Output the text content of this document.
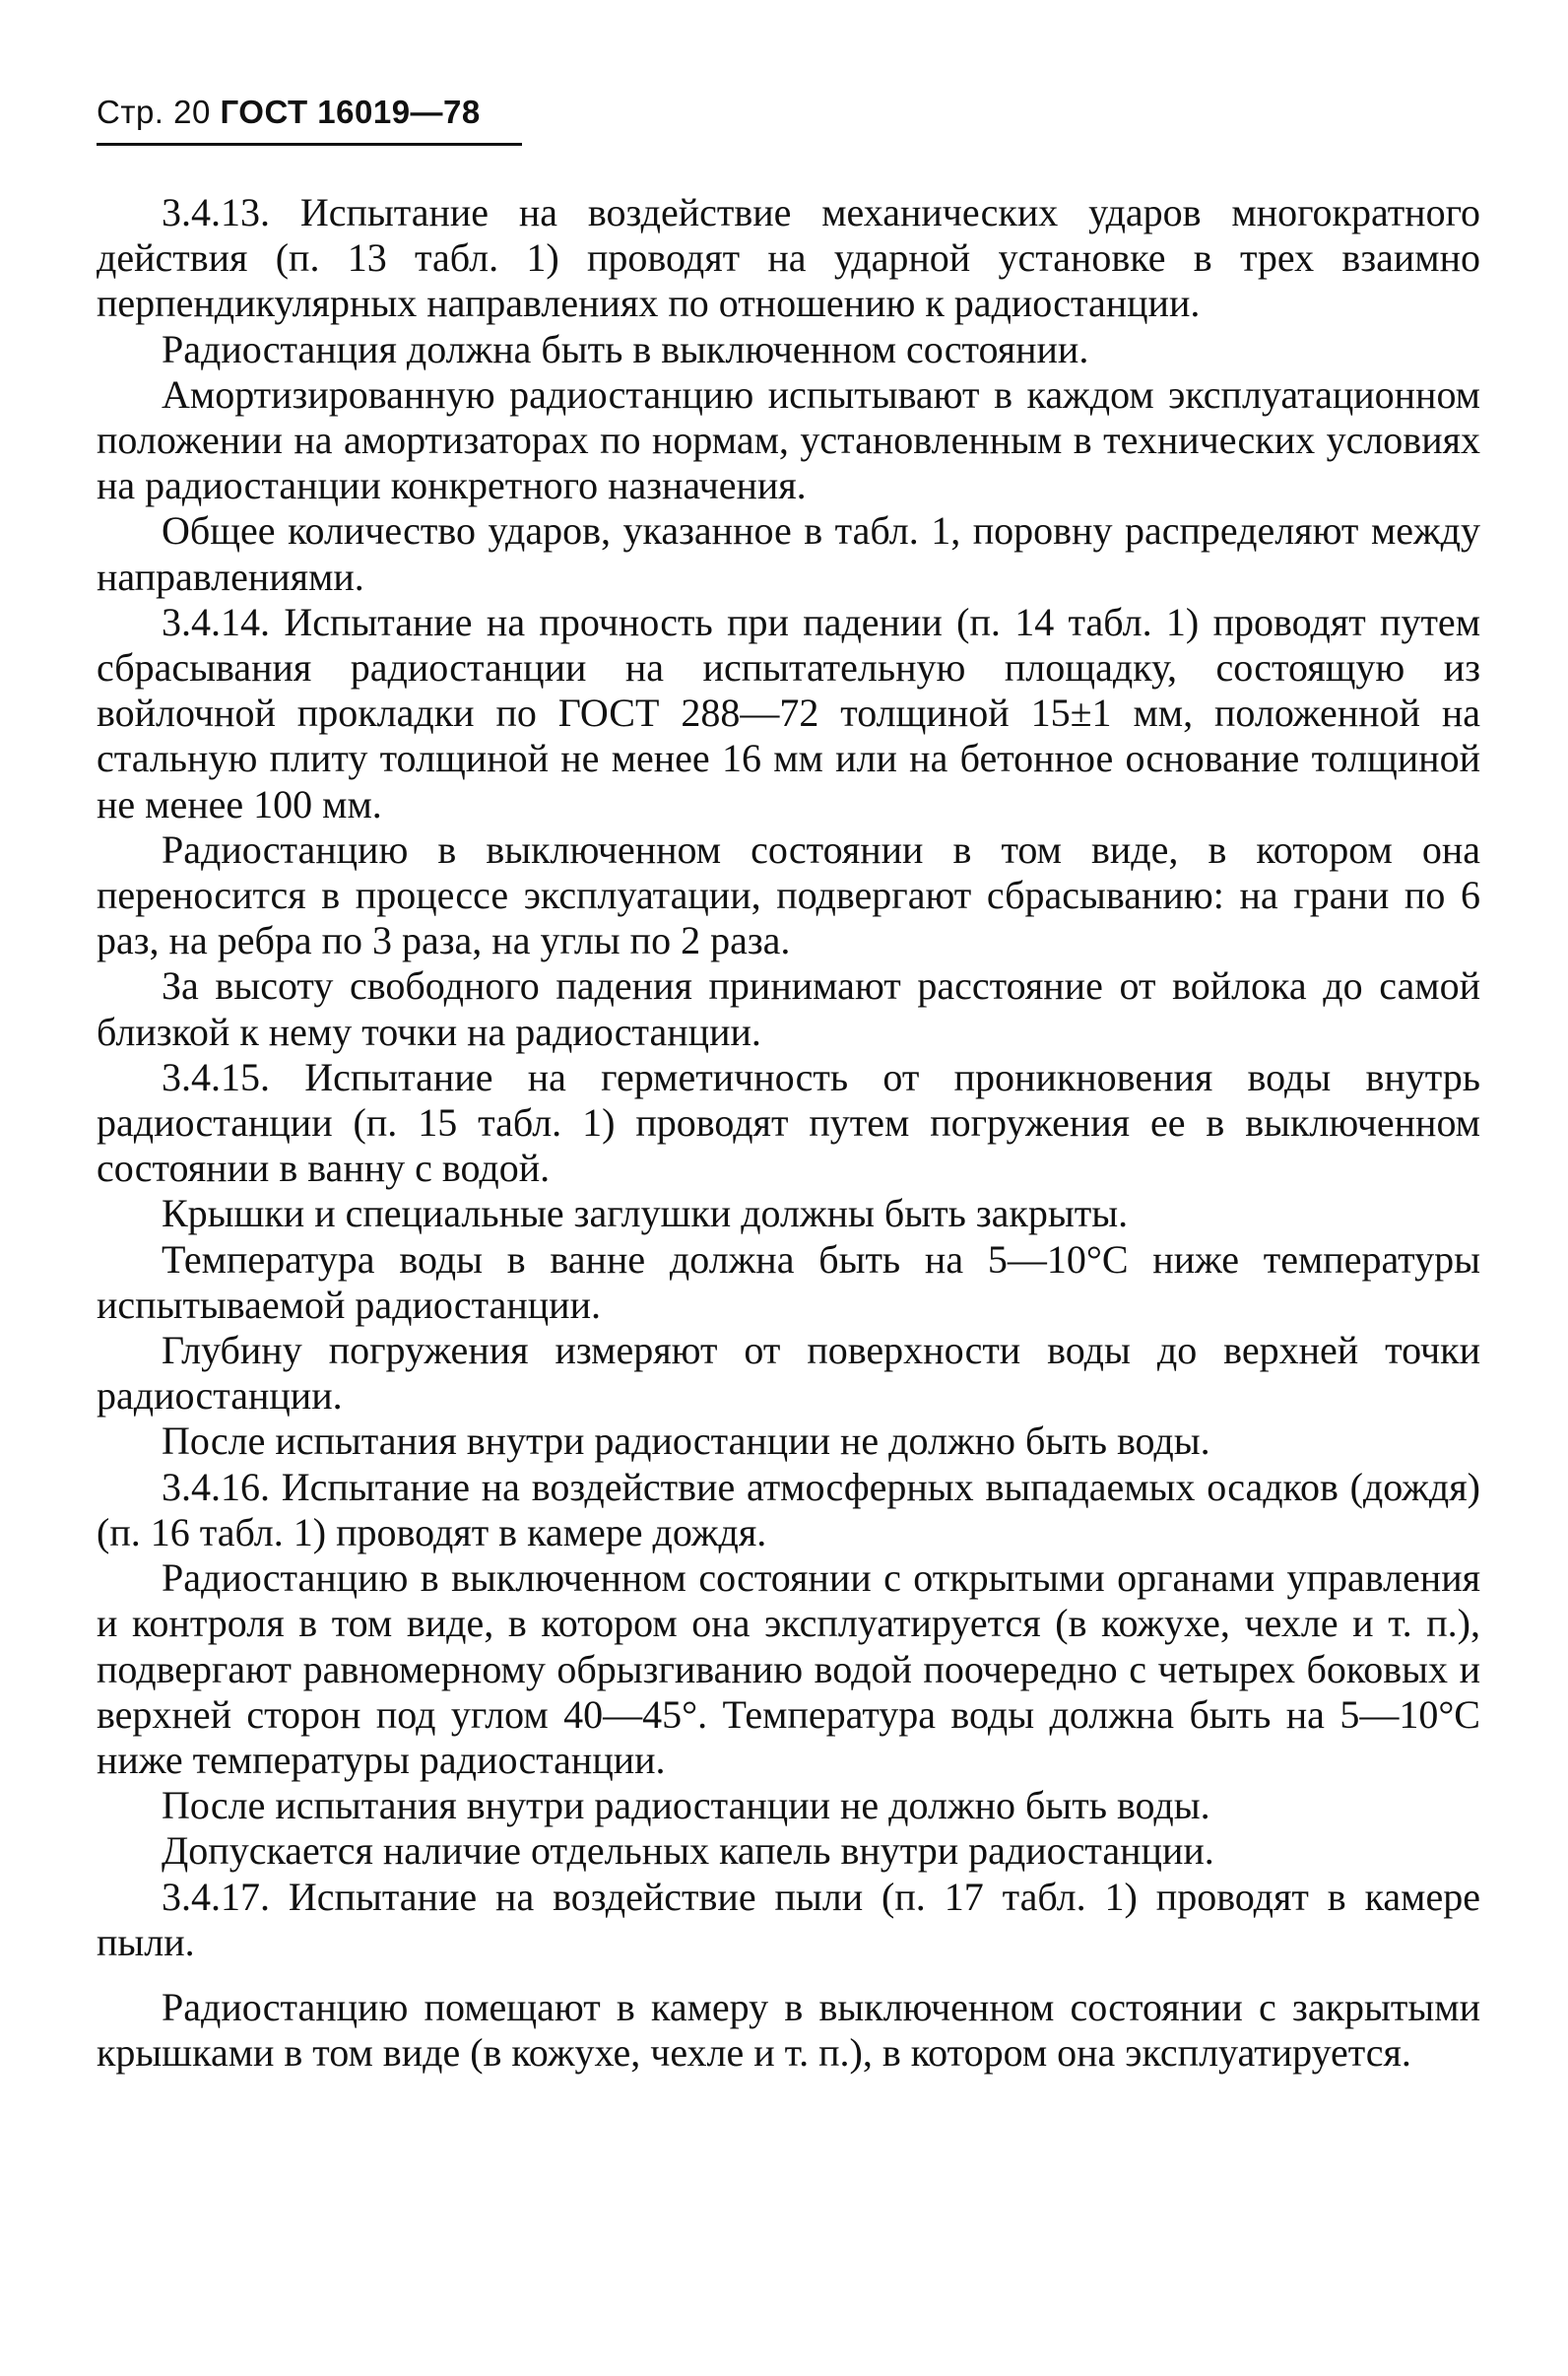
Стр. 20 ГОСТ 16019—78

3.4.13. Испытание на воздействие механических ударов многократного действия (п. 13 табл. 1) проводят на ударной установке в трех взаимно перпендикулярных направлениях по отношению к радиостанции.

Радиостанция должна быть в выключенном состоянии.

Амортизированную радиостанцию испытывают в каждом эксплуатационном положении на амортизаторах по нормам, установленным в технических условиях на радиостанции конкретного назначения.

Общее количество ударов, указанное в табл. 1, поровну распределяют между направлениями.

3.4.14. Испытание на прочность при падении (п. 14 табл. 1) проводят путем сбрасывания радиостанции на испытательную площадку, состоящую из войлочной прокладки по ГОСТ 288—72 толщиной 15±1 мм, положенной на стальную плиту толщиной не менее 16 мм или на бетонное основание толщиной не менее 100 мм.

Радиостанцию в выключенном состоянии в том виде, в котором она переносится в процессе эксплуатации, подвергают сбрасыванию: на грани по 6 раз, на ребра по 3 раза, на углы по 2 раза.

За высоту свободного падения принимают расстояние от войлока до самой близкой к нему точки на радиостанции.

3.4.15. Испытание на герметичность от проникновения воды внутрь радиостанции (п. 15 табл. 1) проводят путем погружения ее в выключенном состоянии в ванну с водой.

Крышки и специальные заглушки должны быть закрыты.

Температура воды в ванне должна быть на 5—10°С ниже температуры испытываемой радиостанции.

Глубину погружения измеряют от поверхности воды до верхней точки радиостанции.

После испытания внутри радиостанции не должно быть воды.

3.4.16. Испытание на воздействие атмосферных выпадаемых осадков (дождя) (п. 16 табл. 1) проводят в камере дождя.

Радиостанцию в выключенном состоянии с открытыми органами управления и контроля в том виде, в котором она эксплуатируется (в кожухе, чехле и т. п.), подвергают равномерному обрызгиванию водой поочередно с четырех боковых и верхней сторон под углом 40—45°. Температура воды должна быть на 5—10°С ниже температуры радиостанции.

После испытания внутри радиостанции не должно быть воды.

Допускается наличие отдельных капель внутри радиостанции.

3.4.17. Испытание на воздействие пыли (п. 17 табл. 1) проводят в камере пыли.

Радиостанцию помещают в камеру в выключенном состоянии с закрытыми крышками в том виде (в кожухе, чехле и т. п.), в котором она эксплуатируется.
